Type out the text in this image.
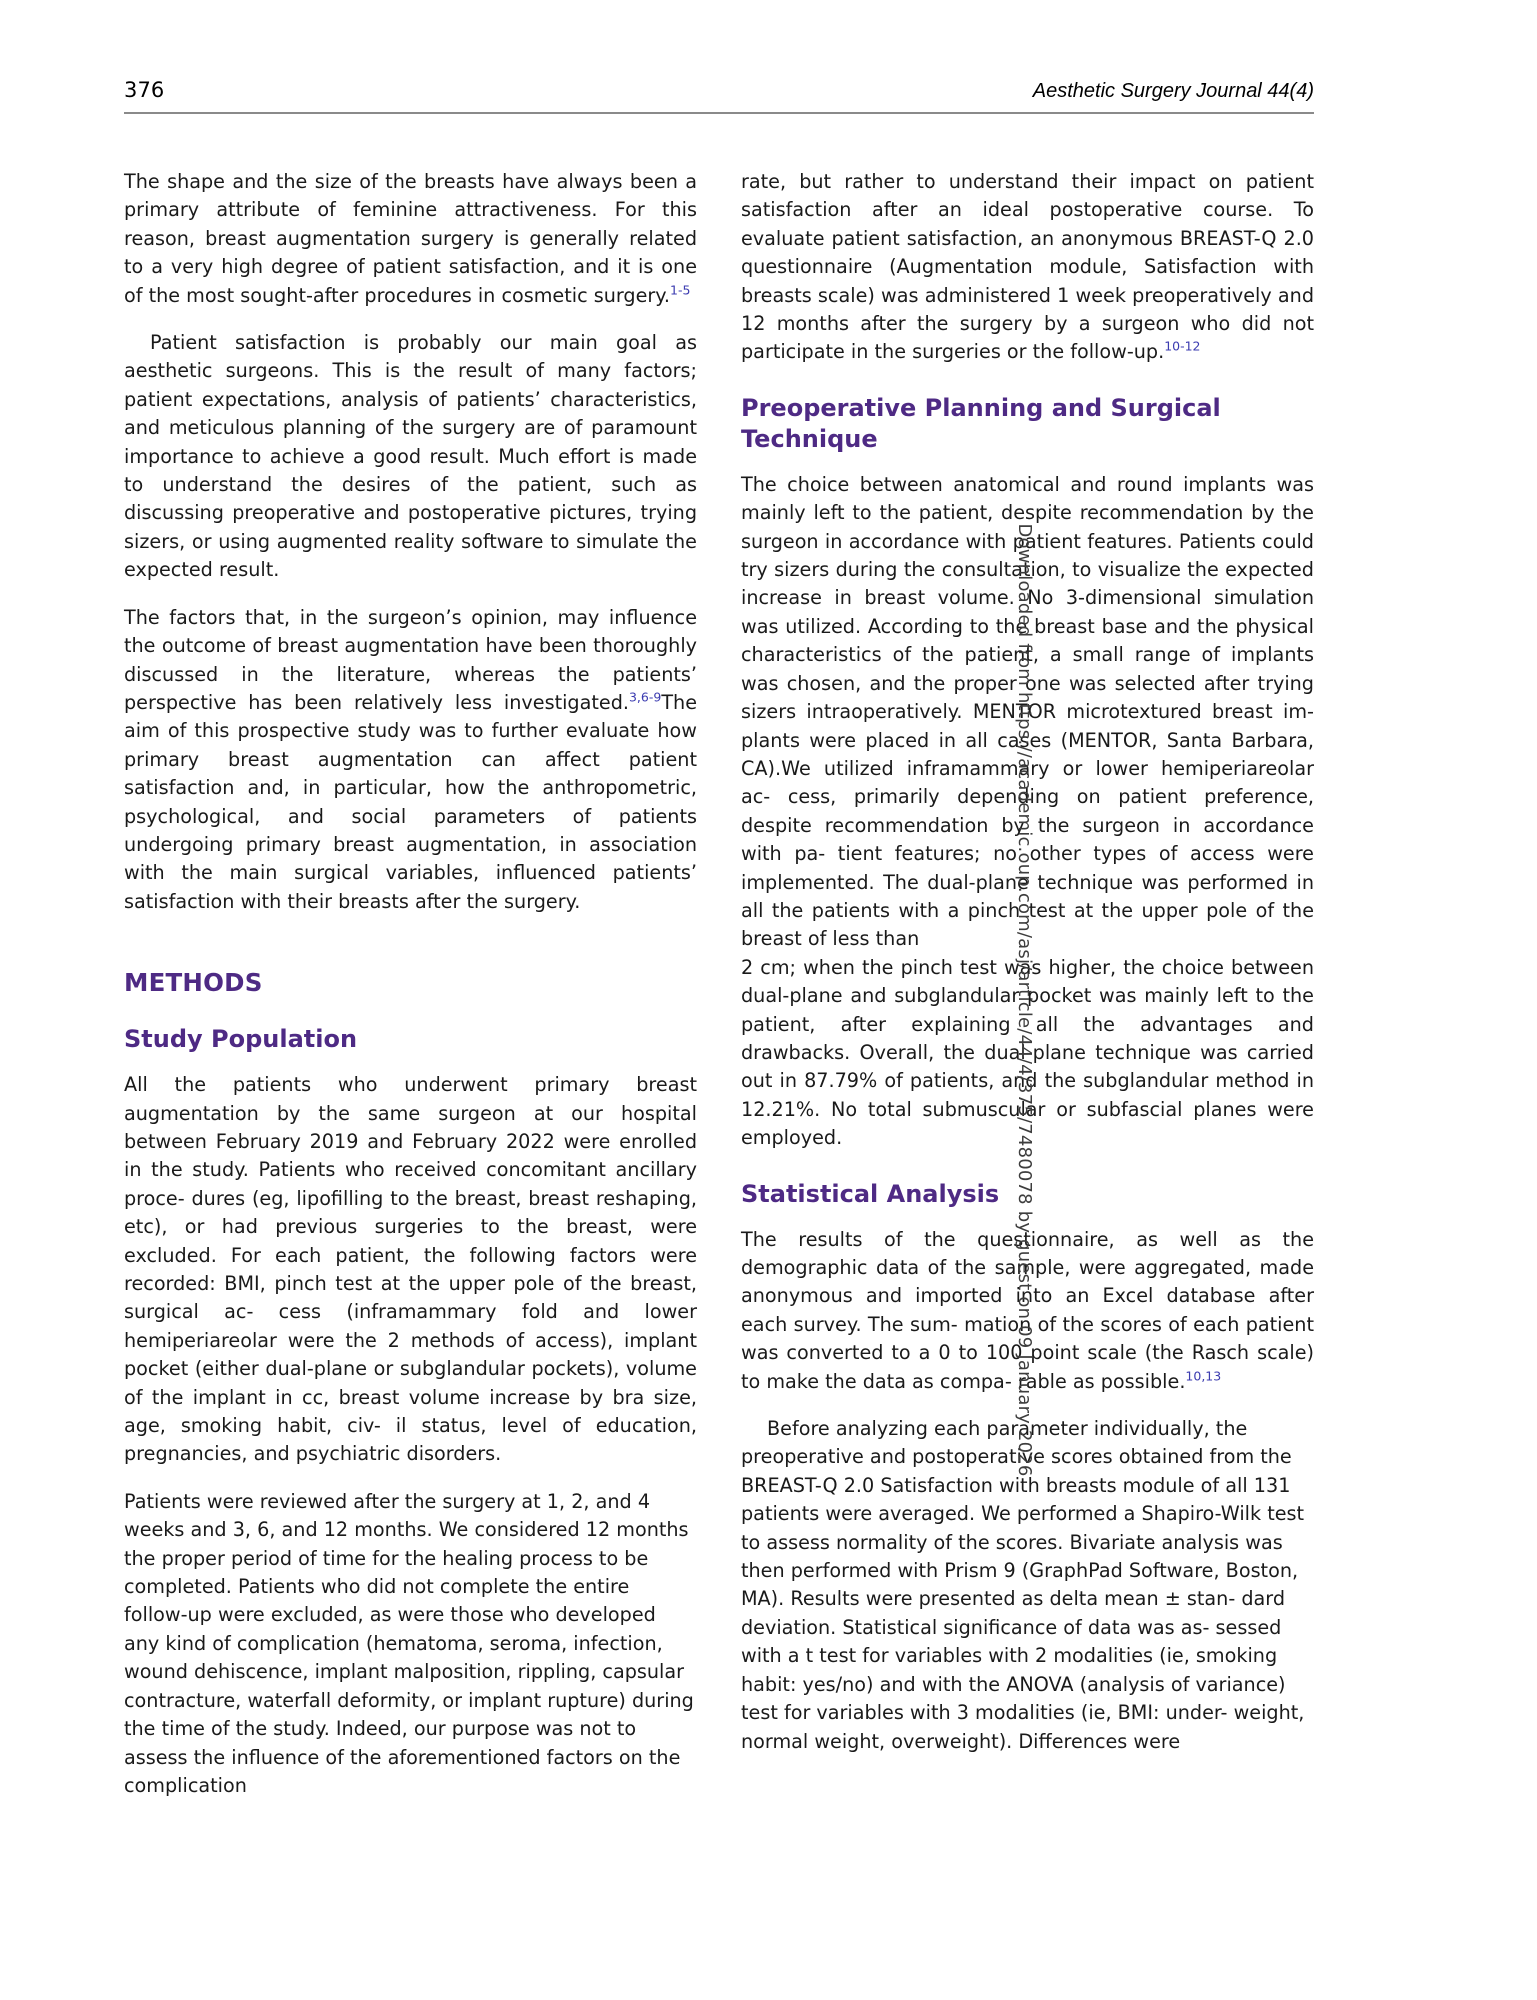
376	Aesthetic Surgery Journal 44(4)

The shape and the size of the breasts have always been a primary attribute of feminine attractiveness. For this reason, breast augmentation surgery is generally related to a very high degree of patient satisfaction, and it is one of the most sought-after procedures in cosmetic surgery.$^{1-5}$

Patient satisfaction is probably our main goal as aesthetic surgeons. This is the result of many factors; patient expectations, analysis of patients’ characteristics, and meticulous planning of the surgery are of paramount importance to achieve a good result. Much effort is made to understand the desires of the patient, such as discussing preoperative and postoperative pictures, trying sizers, or using augmented reality software to simulate the expected result.

The factors that, in the surgeon’s opinion, may influence the outcome of breast augmentation have been thoroughly discussed in the literature, whereas the patients’ perspective has been relatively less investigated.$^{3,6-9}$The aim of this prospective study was to further evaluate how primary breast augmentation can affect patient satisfaction and, in particular, how the anthropometric, psychological, and social parameters of patients undergoing primary breast augmentation, in association with the main surgical variables, influenced patients’ satisfaction with their breasts after the surgery.

METHODS
Study Population

All the patients who underwent primary breast augmentation by the same surgeon at our hospital between February 2019 and February 2022 were enrolled in the study. Patients who received concomitant ancillary proce- dures (eg, lipofilling to the breast, breast reshaping, etc), or had previous surgeries to the breast, were excluded. For each patient, the following factors were recorded: BMI, pinch test at the upper pole of the breast, surgical ac- cess (inframammary fold and lower hemiperiareolar were the 2 methods of access), implant pocket (either dual-plane or subglandular pockets), volume of the implant in cc, breast volume increase by bra size, age, smoking habit, civ- il status, level of education, pregnancies, and psychiatric disorders.

Patients were reviewed after the surgery at 1, 2, and 4 weeks and 3, 6, and 12 months. We considered 12 months the proper period of time for the healing process to be completed. Patients who did not complete the entire follow-up were excluded, as were those who developed any kind of complication (hematoma, seroma, infection, wound dehiscence, implant malposition, rippling, capsular contracture, waterfall deformity, or implant rupture) during the time of the study. Indeed, our purpose was not to assess the influence of the aforementioned factors on the complication

rate, but rather to understand their impact on patient satisfaction after an ideal postoperative course. To evaluate patient satisfaction, an anonymous BREAST-Q 2.0 questionnaire (Augmentation module, Satisfaction with breasts scale) was administered 1 week preoperatively and 12 months after the surgery by a surgeon who did not participate in the surgeries or the follow-up.$^{10-12}$

Preoperative Planning and Surgical Technique

The choice between anatomical and round implants was mainly left to the patient, despite recommendation by the surgeon in accordance with patient features. Patients could try sizers during the consultation, to visualize the expected increase in breast volume. No 3-dimensional simulation was utilized. According to the breast base and the physical characteristics of the patient, a small range of implants was chosen, and the proper one was selected after trying sizers intraoperatively. MENTOR microtextured breast im- plants were placed in all cases (MENTOR, Santa Barbara, CA).We utilized inframammary or lower hemiperiareolar ac- cess, primarily depending on patient preference, despite recommendation by the surgeon in accordance with pa- tient features; no other types of access were implemented. The dual-plane technique was performed in all the patients with a pinch test at the upper pole of the breast of less than

2 cm; when the pinch test was higher, the choice between dual-plane and subglandular pocket was mainly left to the patient, after explaining all the advantages and drawbacks. Overall, the dual-plane technique was carried out in 87.79% of patients, and the subglandular method in 12.21%. No total submuscular or subfascial planes were employed.

Statistical Analysis

The results of the questionnaire, as well as the demographic data of the sample, were aggregated, made anonymous and imported into an Excel database after each survey. The sum- mation of the scores of each patient was converted to a 0 to 100 point scale (the Rasch scale) to make the data as compa- rable as possible.$^{10,13}$

Before analyzing each parameter individually, the preoperative and postoperative scores obtained from the BREAST-Q 2.0 Satisfaction with breasts module of all 131 patients were averaged. We performed a Shapiro-Wilk test to assess normality of the scores. Bivariate analysis was then performed with Prism 9 (GraphPad Software, Boston, MA). Results were presented as delta mean ± stan- dard deviation. Statistical significance of data was as- sessed with a t test for variables with 2 modalities (ie, smoking habit: yes/no) and with the ANOVA (analysis of variance) test for variables with 3 modalities (ie, BMI: under- weight, normal weight, overweight). Differences were

Downloaded from https://academic.oup.com/asj/article/44/4/375/7480078 by guest on 09 January 2026
